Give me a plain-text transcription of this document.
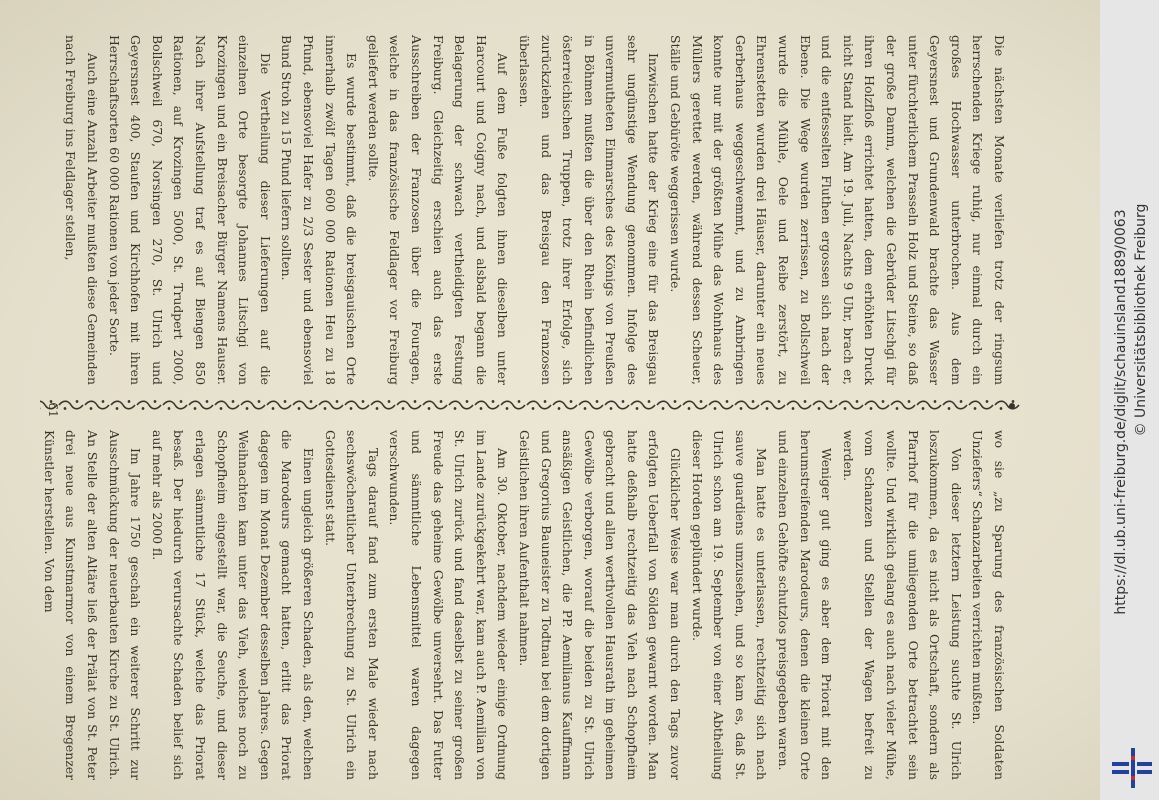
Die nächsten Monate verliefen trotz der ringsum herrschenden Kriege ruhig, nur einmal durch ein großes Hochwasser unterbrochen. Aus dem Geyersnest und Grundenwald brachte das Wasser unter fürchterlichem Prasseln Holz und Steine, so daß der große Damm, welchen die Gebrüder Litschgi für ihren Holzfloß errichtet hatten, dem erhöhten Druck nicht Stand hielt. Am 19. Juli, Nachts 9 Uhr, brach er, und die entfesselten Fluthen ergossen sich nach der Ebene. Die Wege wurden zerrissen, zu Bollschweil wurde die Mühle, Oele und Reibe zerstört, zu Ehrenstetten wurden drei Häuser, darunter ein neues Gerberhaus weggeschwemmt, und zu Ambringen konnte nur mit der größten Mühe das Wohnhaus des Müllers gerettet werden, während dessen Scheuer, Ställe und Gebüröte weggerissen wurde.

Inzwischen hatte der Krieg eine für das Breisgau sehr ungünstige Wendung genommen. Infolge des unvermutheten Einmarsches des Königs von Preußen in Böhmen mußten die über den Rhein befindlichen österreichischen Truppen, trotz ihrer Erfolge, sich zurückziehen und das Breisgau den Franzosen überlassen.

Auf dem Fuße folgten ihnen dieselben unter Harcourt und Coigny nach, und alsbald begann die Belagerung der schwach vertheidigten Festung Freiburg. Gleichzeitig erschien auch das erste Ausschreiben der Franzosen über die Fouragen, welche in das französische Feldlager vor Freiburg geliefert werden sollte.

Es wurde bestimmt, daß die breisgauischen Orte innerhalb zwölf Tagen 600 000 Rationen Heu zu 18 Pfund, ebensoviel Hafer zu 2/3 Sester und ebensoviel Bund Stroh zu 15 Pfund liefern sollten.

Die Vertheilung dieser Lieferungen auf die einzelnen Orte besorgte Johannes Litschgi von Krozingen und ein Breisacher Bürger Namens Hauser. Nach ihrer Aufstellung traf es auf Biengen 850 Rationen, auf Krozingen 5000, St. Trudpert 2000, Bollschweil 670, Norsingen 270, St. Ulrich und Geyersnest 400, Staufen und Kirchhofen mit ihren Herrschaftsorten 60 000 Rationen von jeder Sorte.

Auch eine Anzahl Arbeiter mußten diese Gemeinden nach Freiburg ins Feldlager stellen,

wo sie „zu Sparung des französischen Soldaten Unziefers“ Schanzarbeiten verrichten mußten.

Von dieser letztern Leistung suchte St. Ulrich loszukommen, da es nicht als Ortschaft, sondern als Pfarrhof für die umliegenden Orte betrachtet sein wollte. Und wirklich gelang es auch nach vieler Mühe, vom Schanzen und Stellen der Wagen befreit zu werden.

Weniger gut ging es aber dem Priorat mit den herumstreifenden Marodeurs, denen die kleinen Orte und einzelnen Gehöfte schutzlos preisgegeben waren.

Man hatte es unterlassen, rechtzeitig sich nach sauve guardiens umzusehen, und so kam es, daß St. Ulrich schon am 19. September von einer Abtheilung dieser Horden geplündert wurde.

Glücklicher Weise war man durch den Tags zuvor erfolgten Ueberfall von Sölden gewarnt worden. Man hatte deßhalb rechtzeitig das Vieh nach Schopfheim gebracht und allen werthvollen Hausrath im geheimen Gewölbe verborgen, worauf die beiden zu St. Ulrich ansäßigen Geistlichen, die PP. Aemilianus Kauffmann und Gregorius Bauneister zu Todtnau bei dem dortigen Geistlichen ihren Aufenthalt nahmen.

Am 30. Oktober, nachdem wieder einige Ordnung im Lande zurückgekehrt war, kam auch P. Aemilian von St. Ulrich zurück und fand daselbst zu seiner großen Freude das geheime Gewölbe unversehrt. Das Futter und sämmtliche Lebensmittel waren dagegen verschwunden.

Tags darauf fand zum ersten Male wieder nach sechswöchentlicher Unterbrechung zu St. Ulrich ein Gottesdienst statt.

Einen ungleich größeren Schaden, als den, welchen die Marodeurs gemacht hatten, erlitt das Priorat dagegen im Monat Dezember desselben Jahres. Gegen Weihnachten kam unter das Vieh, welches noch zu Schopfheim eingestellt war, die Seuche, und dieser erlagen sämmtliche 17 Stück, welche das Priorat besaß. Der hiedurch verursachte Schaden belief sich auf mehr als 2000 fl.

Im Jahre 1750 geschah ein weiterer Schritt zur Ausschmückung der neuerbauten Kirche zu St. Ulrich. An Stelle der alten Altäre ließ der Prälat von St. Peter drei neue aus Kunstmarmor von einem Bregenzer Künstler herstellen. Von dem

61	https://dl.ub.uni-freiburg.de/diglit/schauinsland1889/0063 © Universitätsbibliothek Freiburg
